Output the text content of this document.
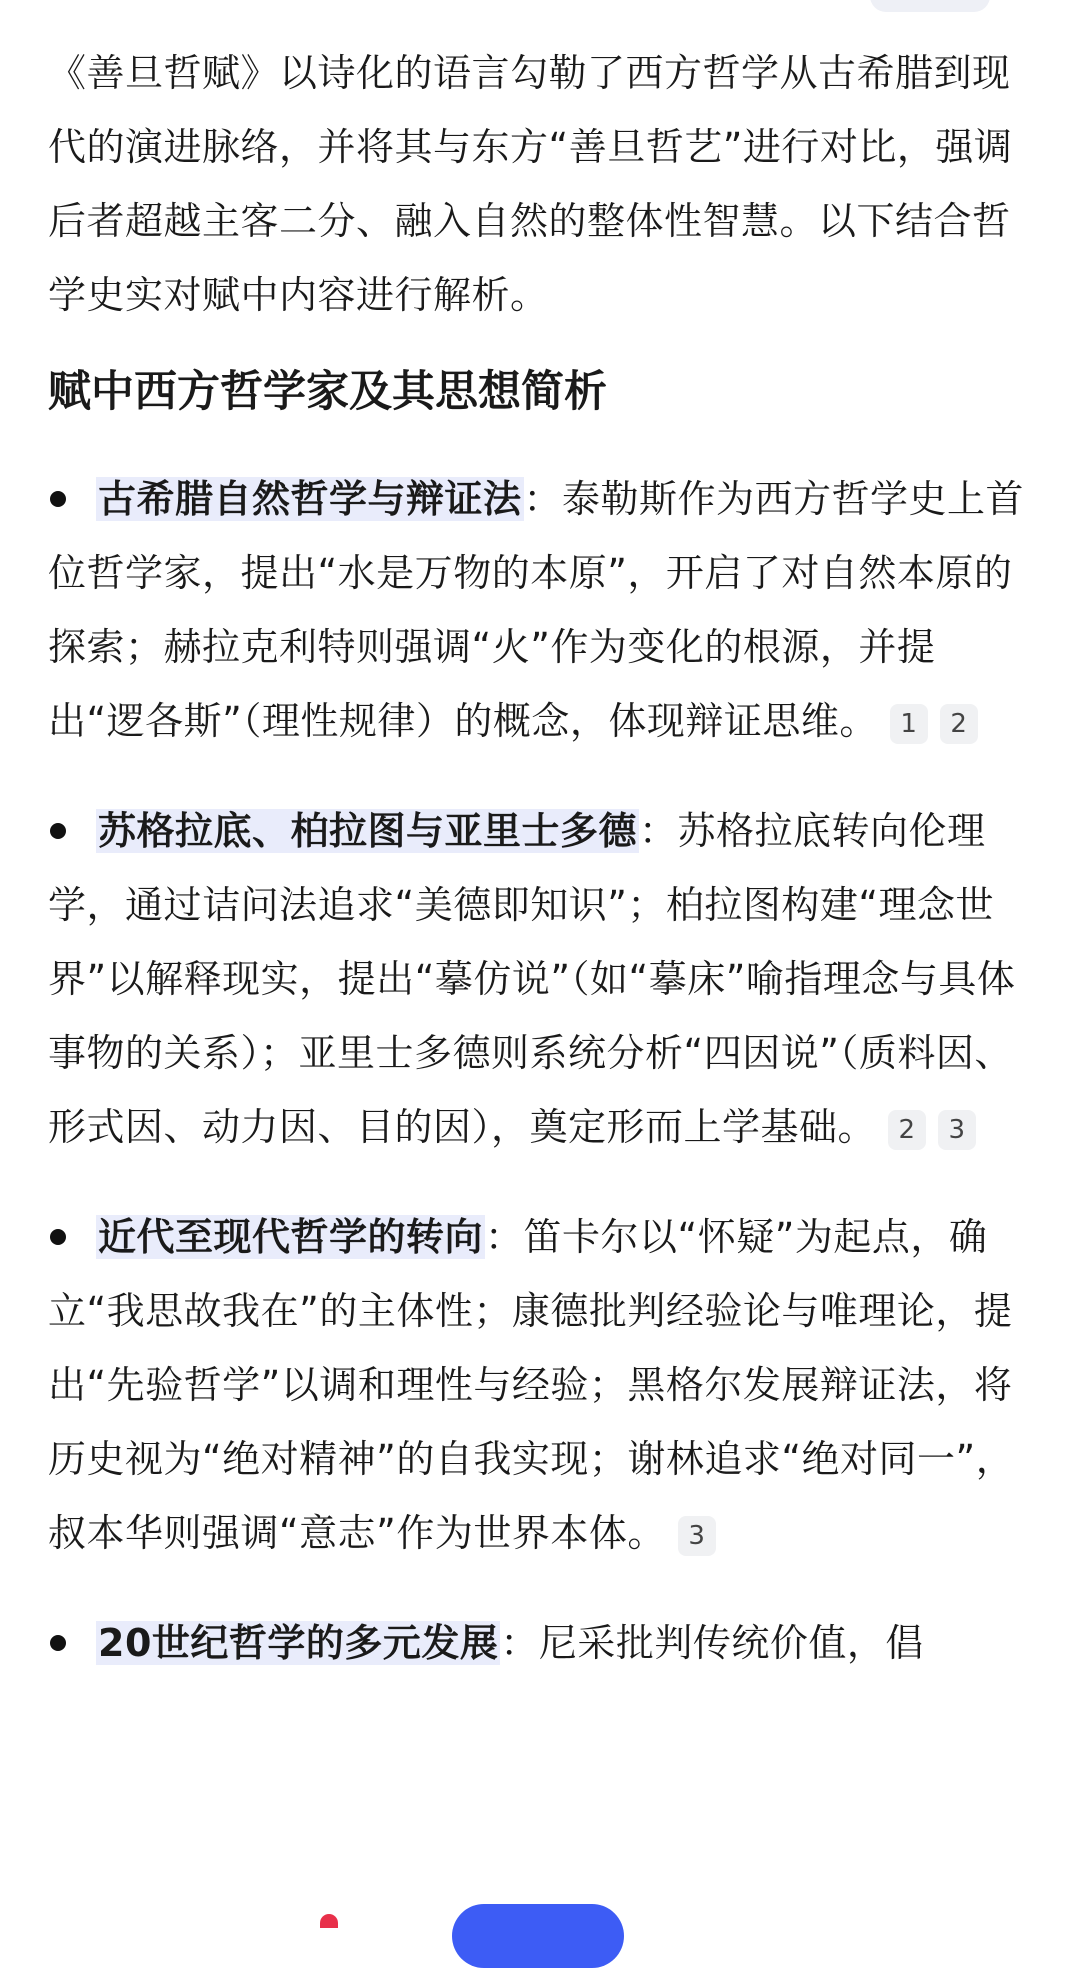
《善旦哲赋》以诗化的语言勾勒了西方哲学从古希腊到现代的演进脉络，并将其与东方“善旦哲艺”进行对比，强调后者超越主客二分、融入自然的整体性智慧。以下结合哲学史实对赋中内容进行解析。

赋中西方哲学家及其思想简析
古希腊自然哲学与辩证法：泰勒斯作为西方哲学史上首位哲学家，提出“水是万物的本原”，开启了对自然本原的探索；赫拉克利特则强调“火”作为变化的根源，并提出“逻各斯”（理性规律）的概念，体现辩证思维。 1 2
苏格拉底、柏拉图与亚里士多德：苏格拉底转向伦理学，通过诘问法追求“美德即知识”；柏拉图构建“理念世界”以解释现实，提出“摹仿说”（如“摹床”喻指理念与具体事物的关系）；亚里士多德则系统分析“四因说”（质料因、形式因、动力因、目的因），奠定形而上学基础。 2 3
近代至现代哲学的转向：笛卡尔以“怀疑”为起点，确立“我思故我在”的主体性；康德批判经验论与唯理论，提出“先验哲学”以调和理性与经验；黑格尔发展辩证法，将历史视为“绝对精神”的自我实现；谢林追求“绝对同一”，叔本华则强调“意志”作为世界本体。 3
20世纪哲学的多元发展：尼采批判传统价值，倡
